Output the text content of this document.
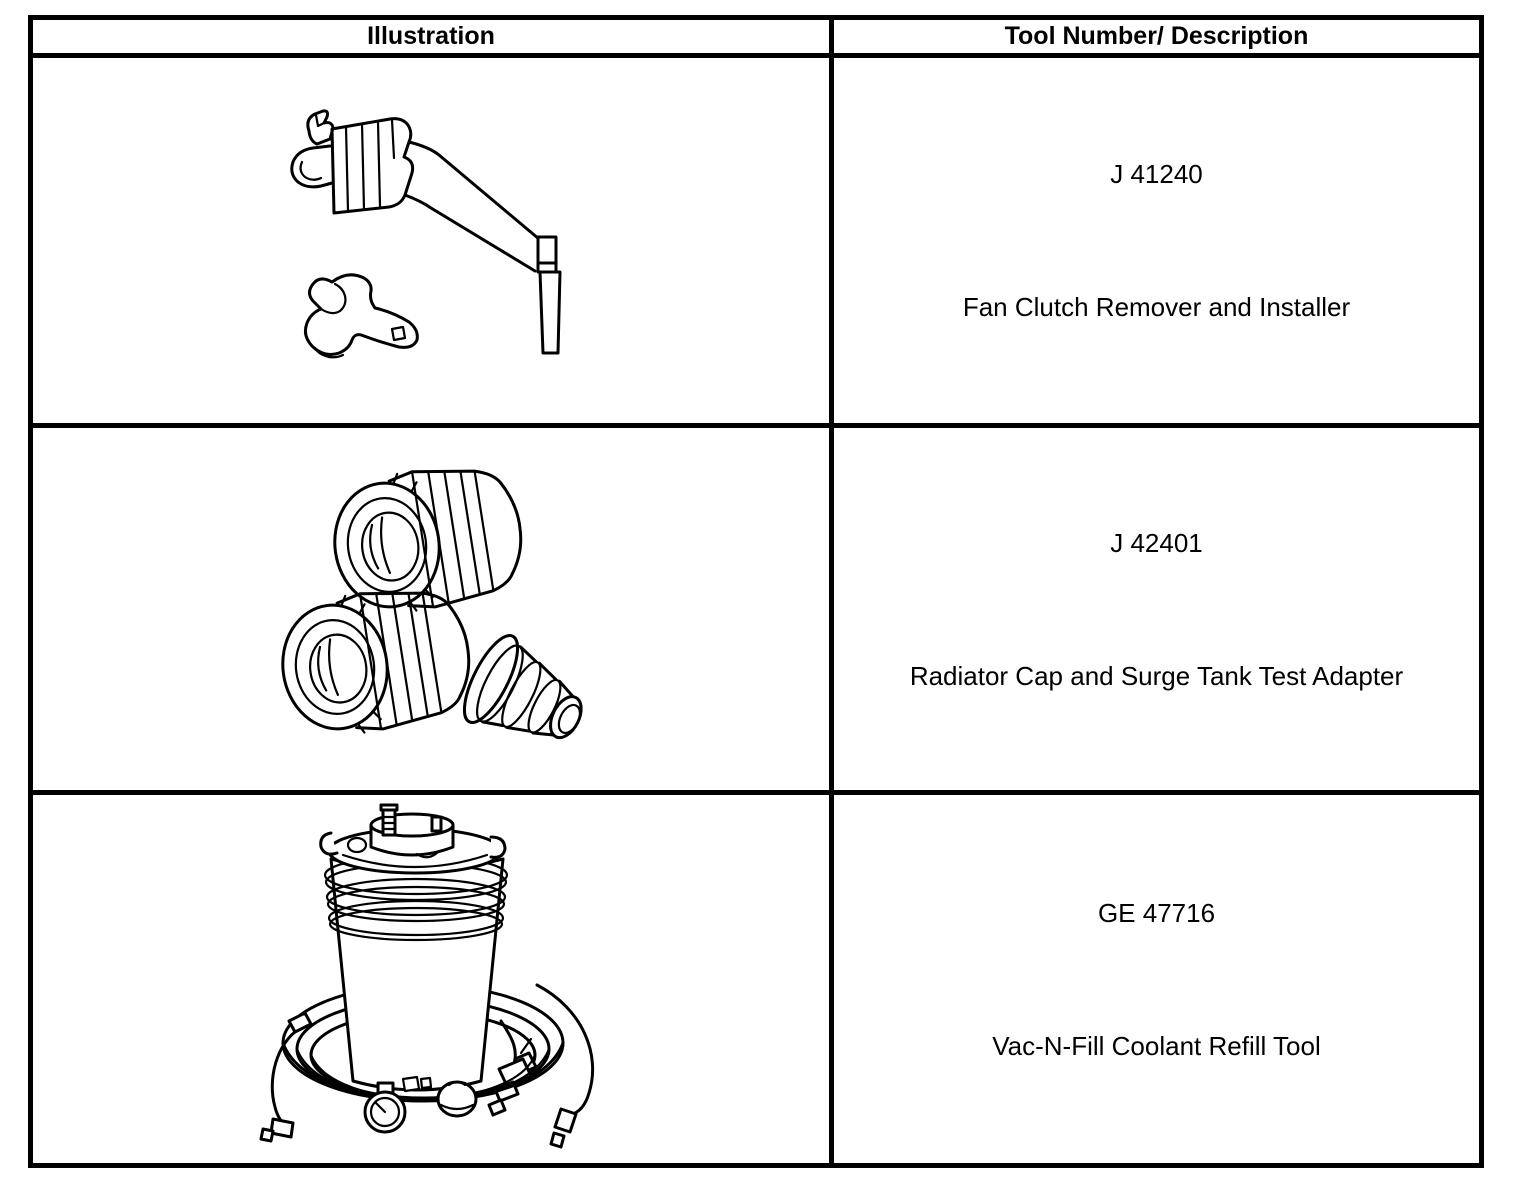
Illustration	Tool Number/ Description

J 41240
Fan Clutch Remover and Installer

J 42401
Radiator Cap and Surge Tank Test Adapter

GE 47716
Vac-N-Fill Coolant Refill Tool
